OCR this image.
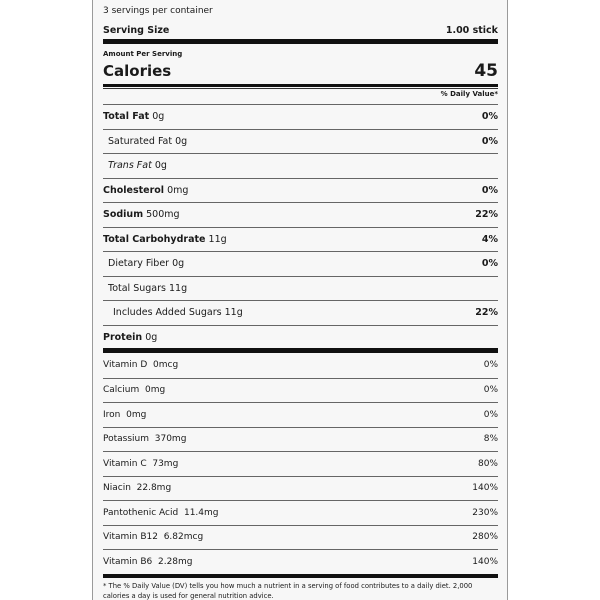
3 servings per container
Serving Size	1.00 stick
Amount Per Serving
Calories	45
% Daily Value*
Total Fat 0g	0%
Saturated Fat 0g	0%
Trans Fat 0g
Cholesterol 0mg	0%
Sodium 500mg	22%
Total Carbohydrate 11g	4%
Dietary Fiber 0g	0%
Total Sugars 11g
Includes Added Sugars 11g	22%
Protein 0g
Vitamin D 0mcg	0%
Calcium 0mg	0%
Iron 0mg	0%
Potassium 370mg	8%
Vitamin C 73mg	80%
Niacin 22.8mg	140%
Pantothenic Acid 11.4mg	230%
Vitamin B12 6.82mcg	280%
Vitamin B6 2.28mg	140%
* The % Daily Value (DV) tells you how much a nutrient in a serving of food contributes to a daily diet. 2,000 calories a day is used for general nutrition advice.
